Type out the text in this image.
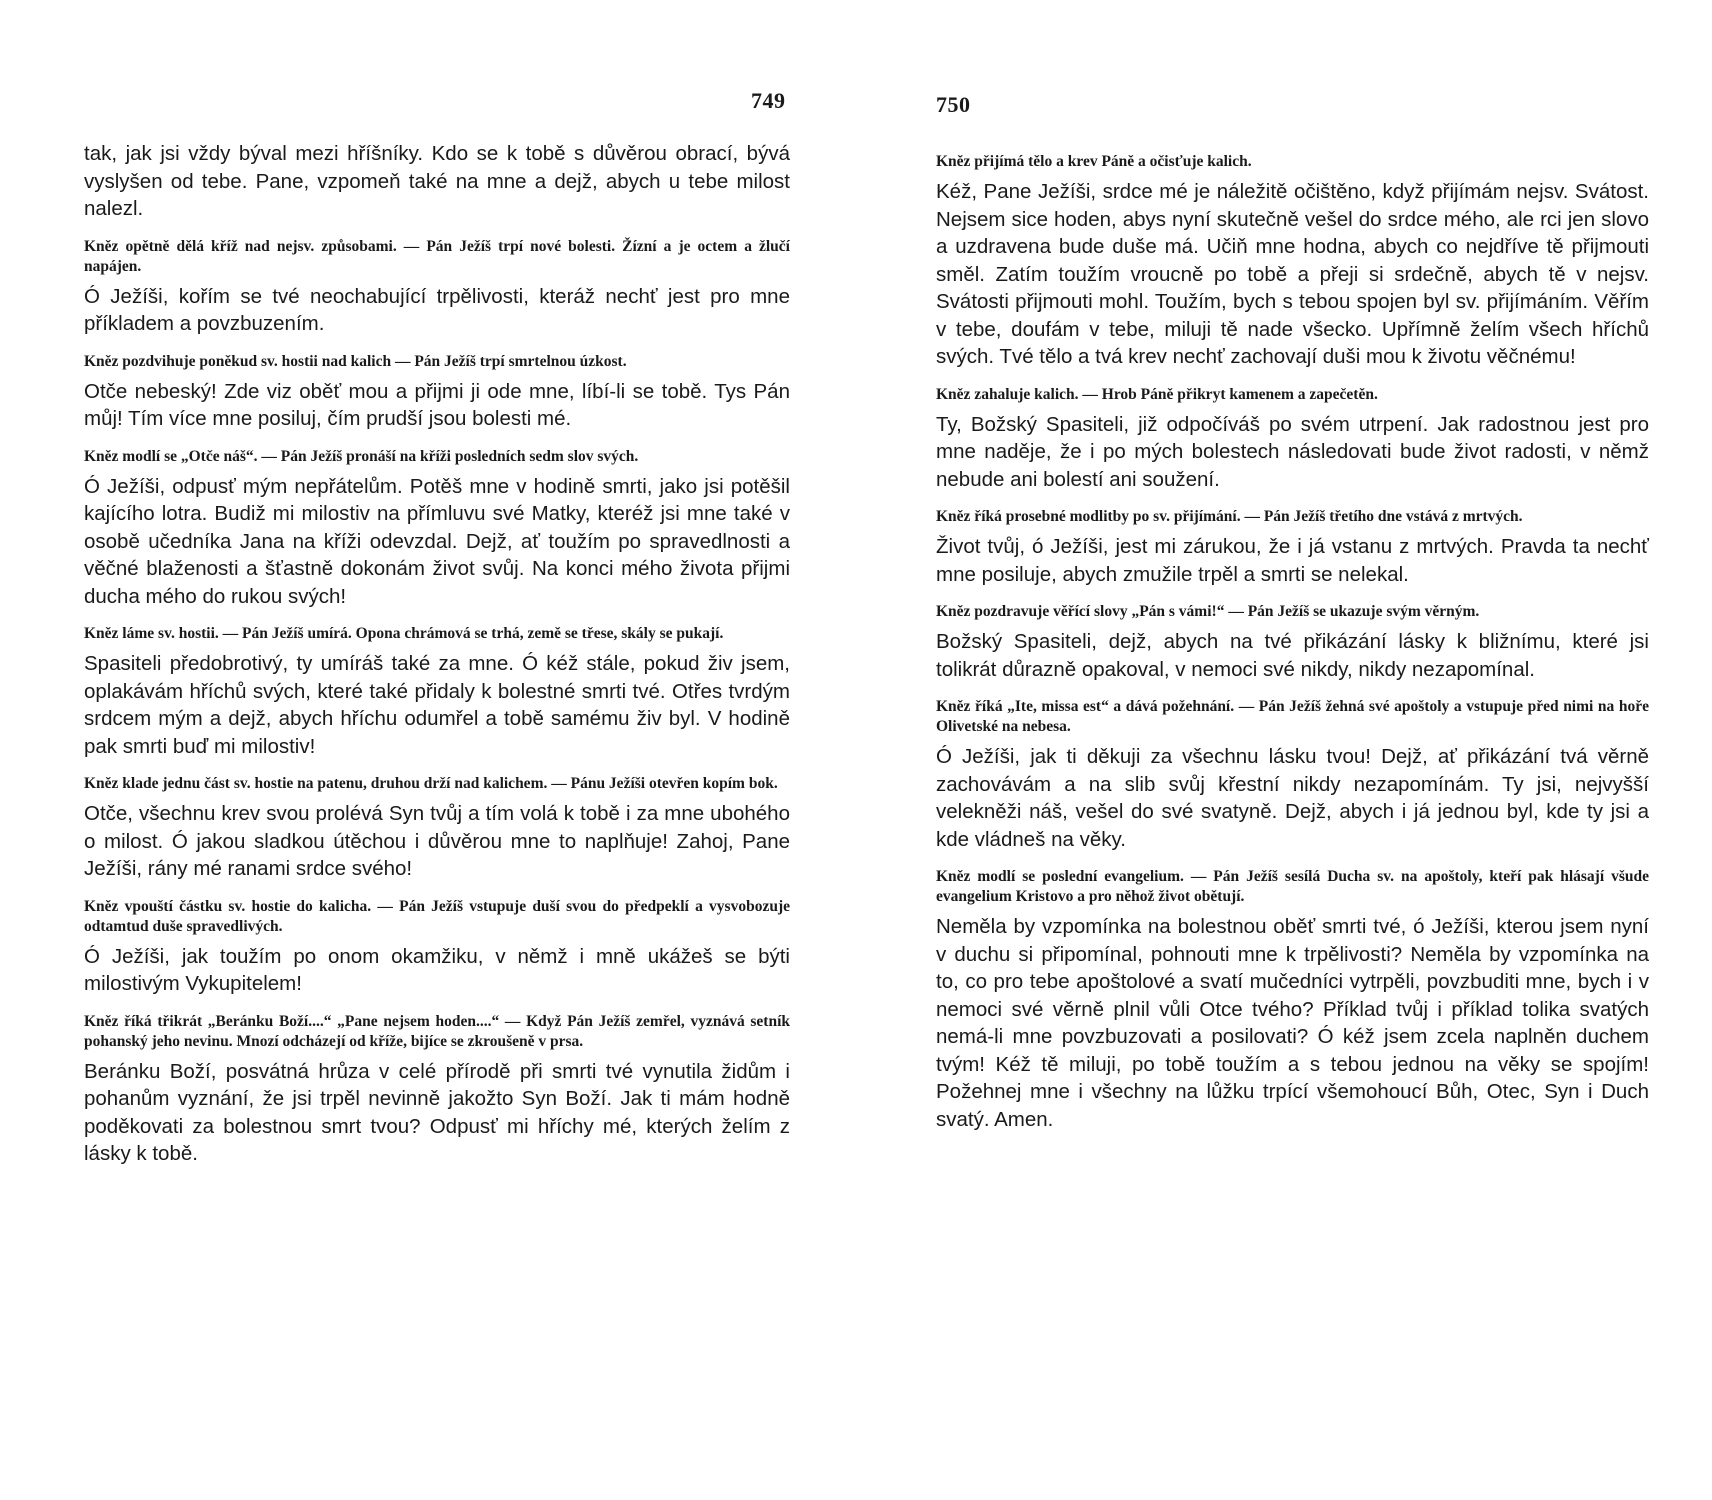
749

tak, jak jsi vždy býval mezi hříšníky. Kdo se k tobě s důvěrou obrací, bývá vyslyšen od tebe. Pane, vzpomeň také na mne a dejž, abych u tebe milost nalezl.

Kněz opětně dělá kříž nad nejsv. způsobami. — Pán Ježíš trpí nové bolesti. Žízní a je octem a žlučí napájen.

Ó Ježíši, kořím se tvé neochabující trpělivosti, kteráž nechť jest pro mne příkladem a povzbuzením.

Kněz pozdvihuje poněkud sv. hostii nad kalich — Pán Ježíš trpí smrtelnou úzkost.

Otče nebeský! Zde viz oběť mou a přijmi ji ode mne, líbí-li se tobě. Tys Pán můj! Tím více mne posiluj, čím prudší jsou bolesti mé.

Kněz modlí se „Otče náš“. — Pán Ježíš pronáší na kříži posledních sedm slov svých.

Ó Ježíši, odpusť mým nepřátelům. Potěš mne v hodině smrti, jako jsi potěšil kajícího lotra. Budiž mi milostiv na přímluvu své Matky, kteréž jsi mne také v osobě učedníka Jana na kříži odevzdal. Dejž, ať toužím po spravedlnosti a věčné blaženosti a šťastně dokonám život svůj. Na konci mého života přijmi ducha mého do rukou svých!

Kněz láme sv. hostii. — Pán Ježíš umírá. Opona chrámová se trhá, země se třese, skály se pukají.

Spasiteli předobrotivý, ty umíráš také za mne. Ó kéž stále, pokud živ jsem, oplakávám hříchů svých, které také přidaly k bolestné smrti tvé. Otřes tvrdým srdcem mým a dejž, abych hříchu odumřel a tobě samému živ byl. V hodině pak smrti buď mi milostiv!

Kněz klade jednu část sv. hostie na patenu, druhou drží nad kalichem. — Pánu Ježíši otevřen kopím bok.

Otče, všechnu krev svou prolévá Syn tvůj a tím volá k tobě i za mne ubohého o milost. Ó jakou sladkou útěchou i důvěrou mne to naplňuje! Zahoj, Pane Ježíši, rány mé ranami srdce svého!

Kněz vpouští částku sv. hostie do kalicha. — Pán Ježíš vstupuje duší svou do předpeklí a vysvobozuje odtamtud duše spravedlivých.

Ó Ježíši, jak toužím po onom okamžiku, v němž i mně ukážeš se býti milostivým Vykupitelem!

Kněz říká třikrát „Beránku Boží....“ „Pane nejsem hoden....“ — Když Pán Ježíš zemřel, vyznává setník pohanský jeho nevinu. Mnozí odcházejí od kříže, bijíce se zkroušeně v prsa.

Beránku Boží, posvátná hrůza v celé přírodě při smrti tvé vynutila židům i pohanům vyznání, že jsi trpěl nevinně jakožto Syn Boží. Jak ti mám hodně poděkovati za bolestnou smrt tvou? Odpusť mi hříchy mé, kterých želím z lásky k tobě.

750

Kněz přijímá tělo a krev Páně a očisťuje kalich.

Kéž, Pane Ježíši, srdce mé je náležitě očištěno, když přijímám nejsv. Svátost. Nejsem sice hoden, abys nyní skutečně vešel do srdce mého, ale rci jen slovo a uzdravena bude duše má. Učiň mne hodna, abych co nejdříve tě přijmouti směl. Zatím toužím vroucně po tobě a přeji si srdečně, abych tě v nejsv. Svátosti přijmouti mohl. Toužím, bych s tebou spojen byl sv. přijímáním. Věřím v tebe, doufám v tebe, miluji tě nade všecko. Upřímně želím všech hříchů svých. Tvé tělo a tvá krev nechť zachovají duši mou k životu věčnému!

Kněz zahaluje kalich. — Hrob Páně přikryt kamenem a zapečetěn.

Ty, Božský Spasiteli, již odpočíváš po svém utrpení. Jak radostnou jest pro mne naděje, že i po mých bolestech následovati bude život radosti, v němž nebude ani bolestí ani soužení.

Kněz říká prosebné modlitby po sv. přijímání. — Pán Ježíš třetího dne vstává z mrtvých.

Život tvůj, ó Ježíši, jest mi zárukou, že i já vstanu z mrtvých. Pravda ta nechť mne posiluje, abych zmužile trpěl a smrti se nelekal.

Kněz pozdravuje věřící slovy „Pán s vámi!“ — Pán Ježíš se ukazuje svým věrným.

Božský Spasiteli, dejž, abych na tvé přikázání lásky k bližnímu, které jsi tolikrát důrazně opakoval, v nemoci své nikdy, nikdy nezapomínal.

Kněz říká „Ite, missa est“ a dává požehnání. — Pán Ježíš žehná své apoštoly a vstupuje před nimi na hoře Olivetské na nebesa.

Ó Ježíši, jak ti děkuji za všechnu lásku tvou! Dejž, ať přikázání tvá věrně zachovávám a na slib svůj křestní nikdy nezapomínám. Ty jsi, nejvyšší velekněži náš, vešel do své svatyně. Dejž, abych i já jednou byl, kde ty jsi a kde vládneš na věky.

Kněz modlí se poslední evangelium. — Pán Ježíš sesílá Ducha sv. na apoštoly, kteří pak hlásají všude evangelium Kristovo a pro něhož život obětují.

Neměla by vzpomínka na bolestnou oběť smrti tvé, ó Ježíši, kterou jsem nyní v duchu si připomínal, pohnouti mne k trpělivosti? Neměla by vzpomínka na to, co pro tebe apoštolové a svatí mučedníci vytrpěli, povzbuditi mne, bych i v nemoci své věrně plnil vůli Otce tvého? Příklad tvůj i příklad tolika svatých nemá-li mne povzbuzovati a posilovati? Ó kéž jsem zcela naplněn duchem tvým! Kéž tě miluji, po tobě toužím a s tebou jednou na věky se spojím! Požehnej mne i všechny na lůžku trpící všemohoucí Bůh, Otec, Syn i Duch svatý. Amen.
